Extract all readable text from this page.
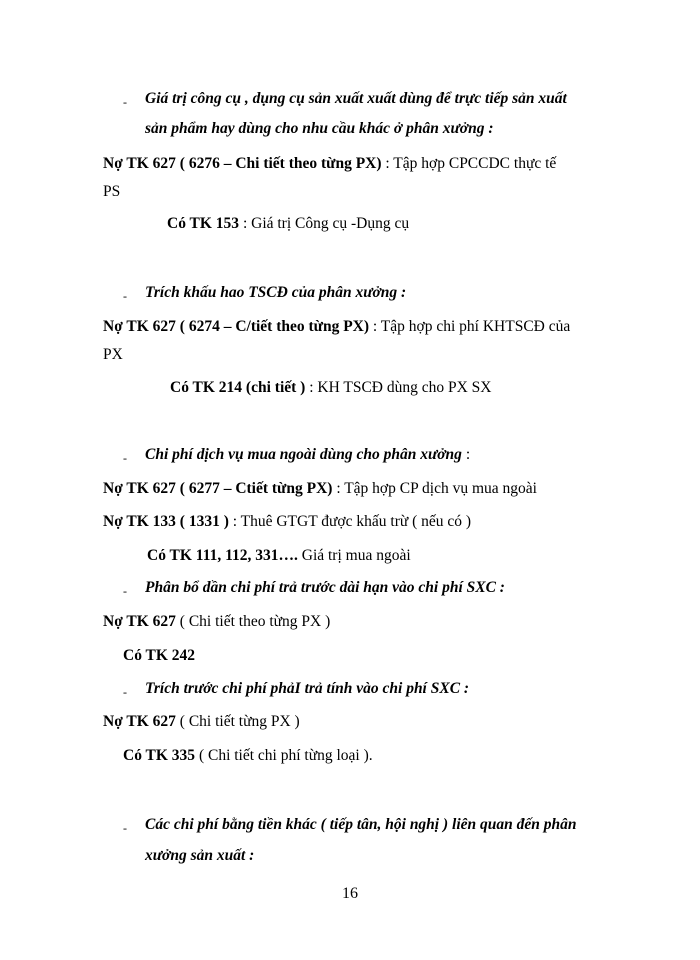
- Giá trị công cụ , dụng cụ sản xuất xuất dùng để trực tiếp sản xuất
sản phẩm hay dùng cho nhu cầu khác ở phân xưởng :
Nợ TK 627 ( 6276 – Chi tiết theo từng PX) : Tập hợp CPCCDC thực tế
PS
Có TK 153 : Giá trị Công cụ -Dụng cụ
- Trích khấu hao TSCĐ của phân xưởng :
Nợ TK 627 ( 6274 – C/tiết theo từng PX) : Tập hợp chi phí KHTSCĐ của
PX
Có TK 214 (chi tiết ) : KH TSCĐ dùng cho PX SX
- Chi phí dịch vụ mua ngoài dùng cho phân xưởng :
Nợ TK 627 ( 6277 – Ctiết từng PX) : Tập hợp CP dịch vụ mua ngoài
Nợ TK 133 ( 1331 ) : Thuê GTGT được khấu trừ ( nếu có )
Có TK 111, 112, 331…. Giá trị mua ngoài
- Phân bổ dần chi phí trả trước dài hạn vào chi phí SXC :
Nợ TK 627 ( Chi tiết theo từng PX )
Có TK 242
- Trích trước chi phí phảI trả tính vào chi phí SXC :
Nợ TK 627 ( Chi tiết từng PX )
Có TK 335 ( Chi tiết chi phí từng loại ).
- Các chi phí bằng tiền khác ( tiếp tân, hội nghị ) liên quan đến phân
xưởng sản xuất :
16
